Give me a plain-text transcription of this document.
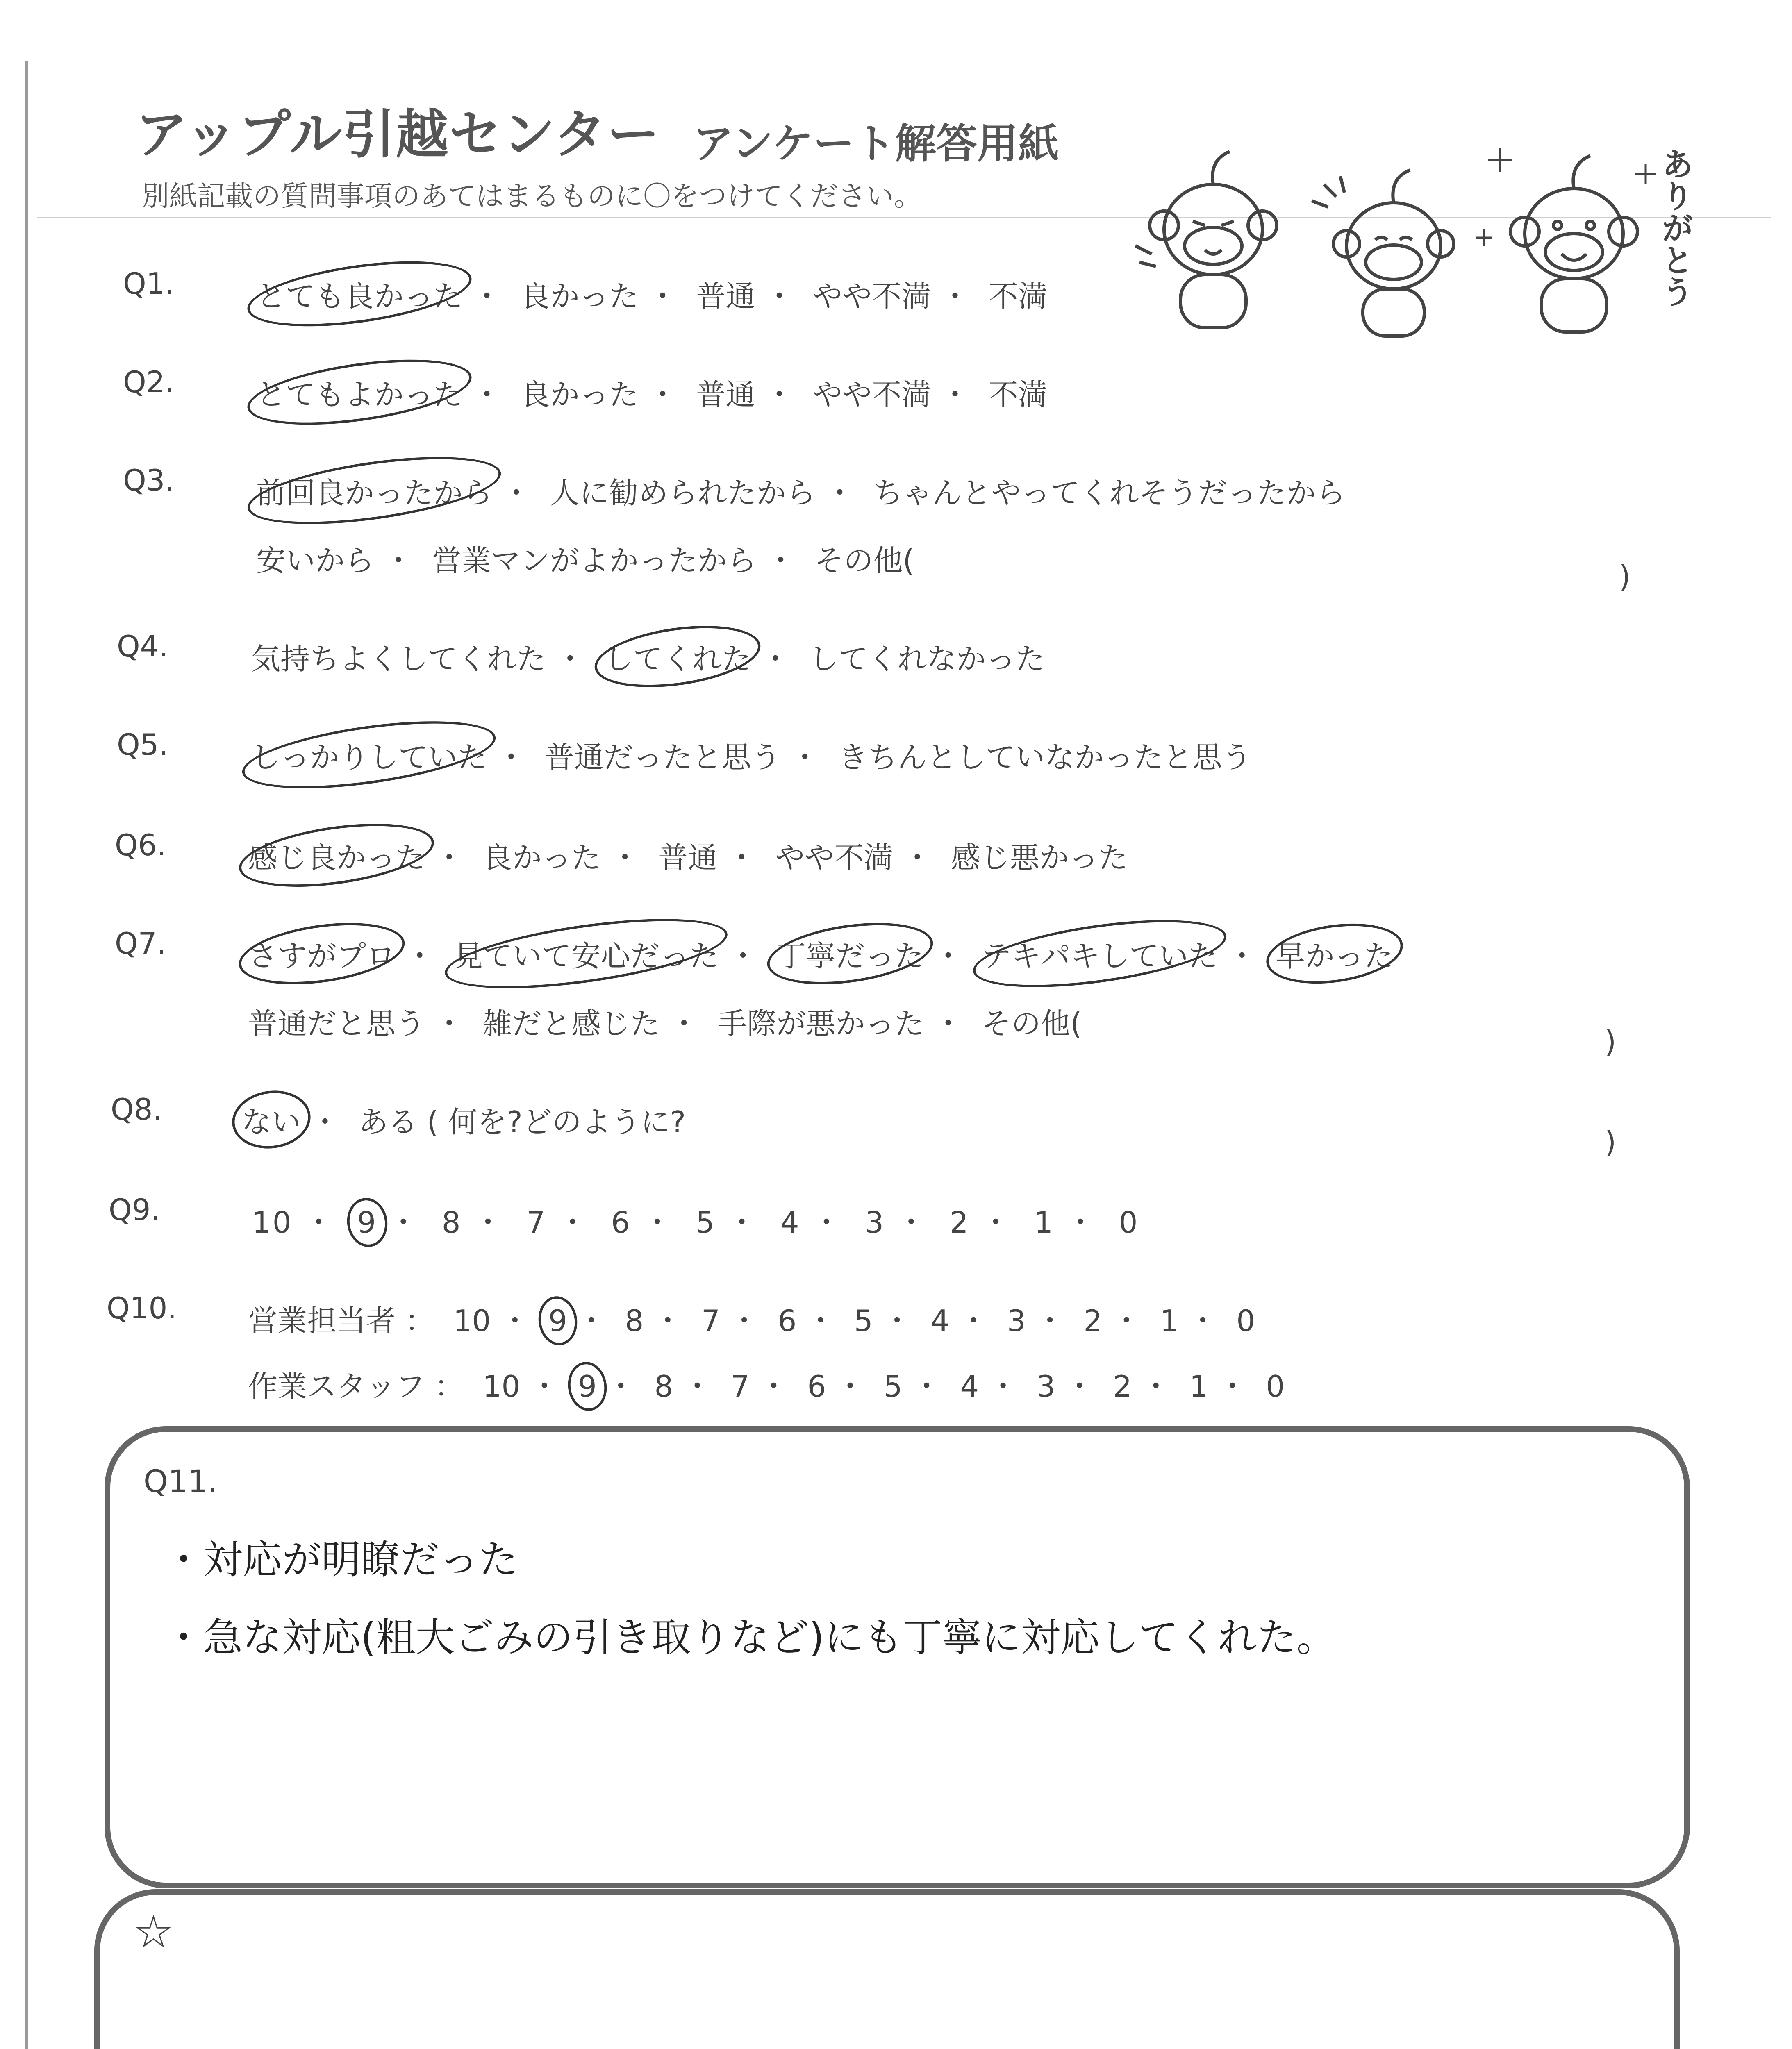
アップル引越センター アンケート解答用紙
別紙記載の質問事項のあてはまるものに〇をつけてください。	ありがとう
Q1.	とても良かった ・  良かった ・  普通 ・  やや不満 ・  不満
Q2.	とてもよかった ・  良かった ・  普通 ・  やや不満 ・  不満
Q3.	前回良かったから ・  人に勧められたから ・  ちゃんとやってくれそうだったから
安いから ・  営業マンがよかったから ・  その他(	)
Q4.	気持ちよくしてくれた ・  してくれた ・  してくれなかった
Q5.	しっかりしていた ・  普通だったと思う ・  きちんとしていなかったと思う
Q6.	感じ良かった ・  良かった ・  普通 ・  やや不満 ・  感じ悪かった
Q7.	さすがプロ ・  見ていて安心だった ・  丁寧だった ・  テキパキしていた ・  早かった
普通だと思う ・  雑だと感じた ・  手際が悪かった ・  その他(
)
Q8.	ない ・  ある ( 何を?どのように?
)
Q9.	10 ・  9 ・  8 ・  7 ・  6 ・  5 ・  4 ・  3 ・  2 ・  1 ・  0
Q10. 営業担当者 ：  10 ・  9 ・  8 ・  7 ・  6 ・  5 ・  4 ・  3 ・  2 ・  1 ・  0
作業スタッフ ：  10 ・  9 ・  8 ・  7 ・  6 ・  5 ・  4 ・  3 ・  2 ・  1 ・  0
Q11.
・対応が明瞭だった
・急な対応(粗大ごみの引き取りなど)にも丁寧に対応してくれた。
☆
